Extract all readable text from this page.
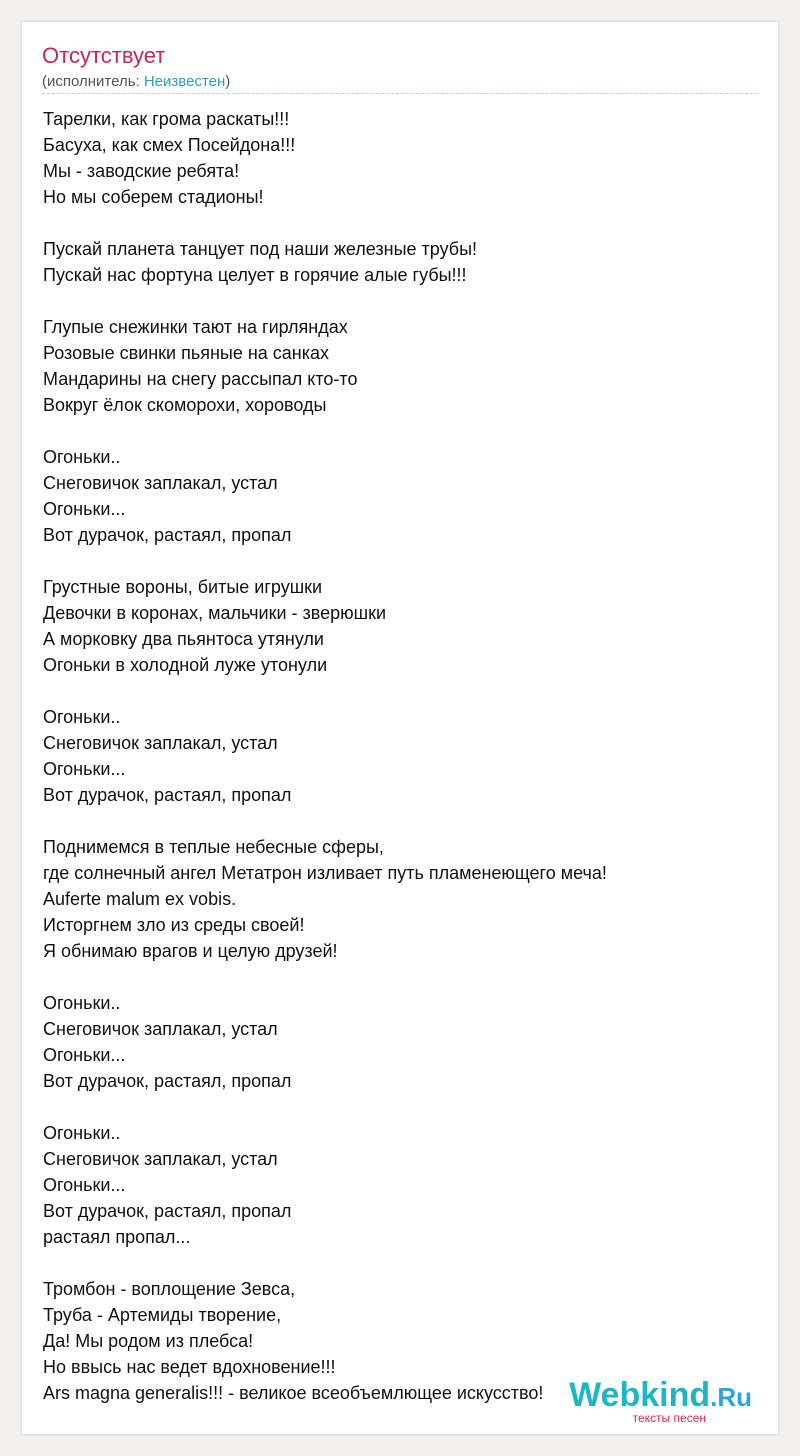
Отсутствует
(исполнитель: Неизвестен)
Тарелки, как грома раскаты!!!
Басуха, как смех Посейдона!!!
Мы - заводские ребята!
Но мы соберем стадионы!
Пускай планета танцует под наши железные трубы!
Пускай нас фортуна целует в горячие алые губы!!!
Глупые снежинки тают на гирляндах
Розовые свинки пьяные на санках
Мандарины на снегу рассыпал кто-то
Вокруг ёлок скоморохи, хороводы
Огоньки..
Снеговичок заплакал, устал
Огоньки...
Вот дурачок, растаял, пропал
Грустные вороны, битые игрушки
Девочки в коронах, мальчики - зверюшки
А морковку два пьянтоса утянули
Огоньки в холодной луже утонули
Огоньки..
Снеговичок заплакал, устал
Огоньки...
Вот дурачок, растаял, пропал
Поднимемся в теплые небесные сферы,
где солнечный ангел Метатрон изливает путь пламенеющего меча!
Auferte malum ex vobis.
Исторгнем зло из среды своей!
Я обнимаю врагов и целую друзей!
Огоньки..
Снеговичок заплакал, устал
Огоньки...
Вот дурачок, растаял, пропал
Огоньки..
Снеговичок заплакал, устал
Огоньки...
Вот дурачок, растаял, пропал
растаял пропал...
Тромбон - воплощение Зевса,
Труба - Артемиды творение,
Да! Мы родом из плебса!
Но ввысь нас ведет вдохновение!!!
Ars magna generalis!!! - великое всеобъемлющее искусство! Webkind.Ru
тексты песен
